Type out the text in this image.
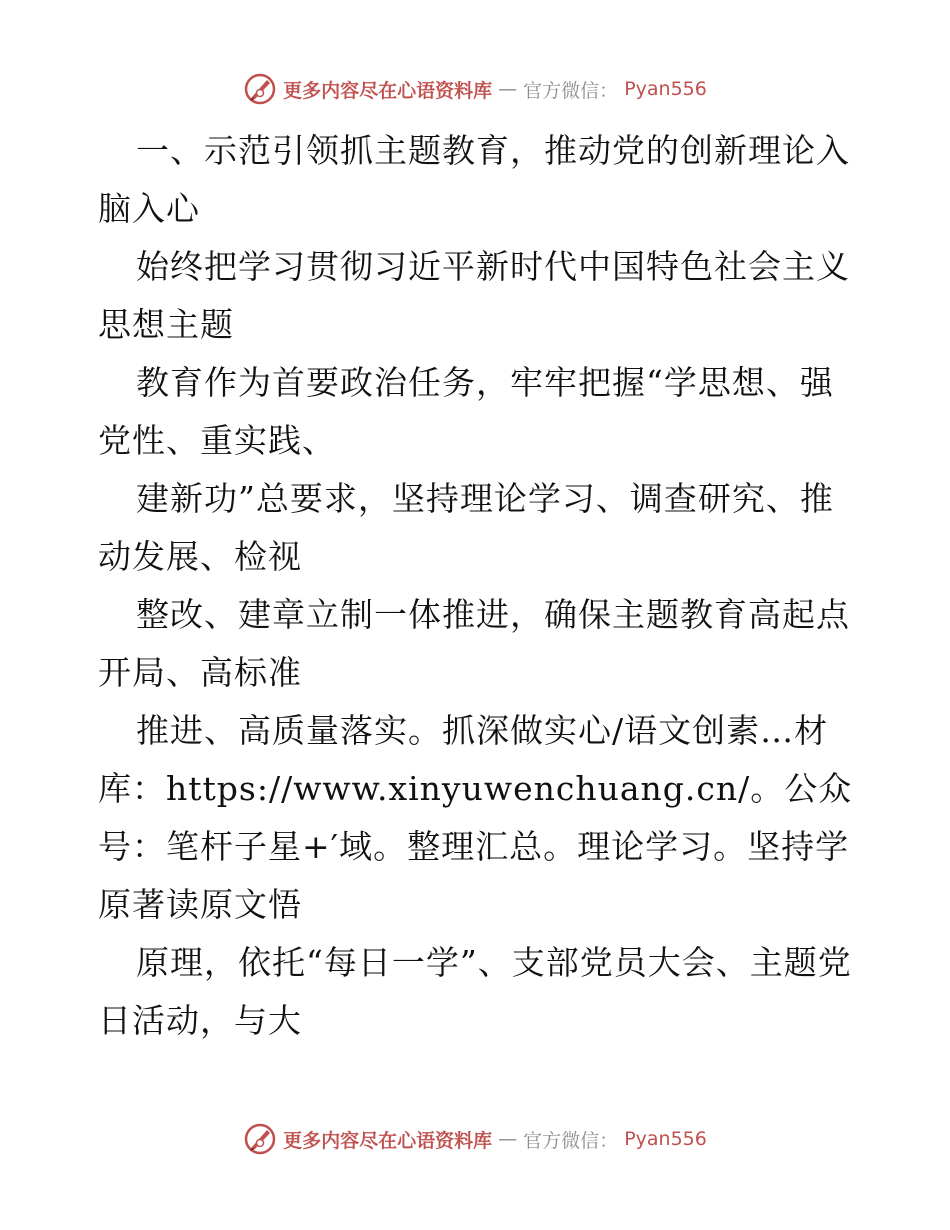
更多内容尽在心语资料库 — 官方微信： Pyan556

一、示范引领抓主题教育，推动党的创新理论入脑入心

始终把学习贯彻习近平新时代中国特色社会主义思想主题

教育作为首要政治任务，牢牢把握“学思想、强党性、重实践、

建新功”总要求，坚持理论学习、调查研究、推动发展、检视

整改、建章立制一体推进，确保主题教育高起点开局、高标准

推进、高质量落实。抓深做实心/语文创素…材库：https://www.xinyuwenchuang.cn/。公众号：笔杆子星+′域。整理汇总。理论学习。坚持学原著读原文悟

原理，依托“每日一学”、支部党员大会、主题党日活动，与大

更多内容尽在心语资料库 — 官方微信： Pyan556
